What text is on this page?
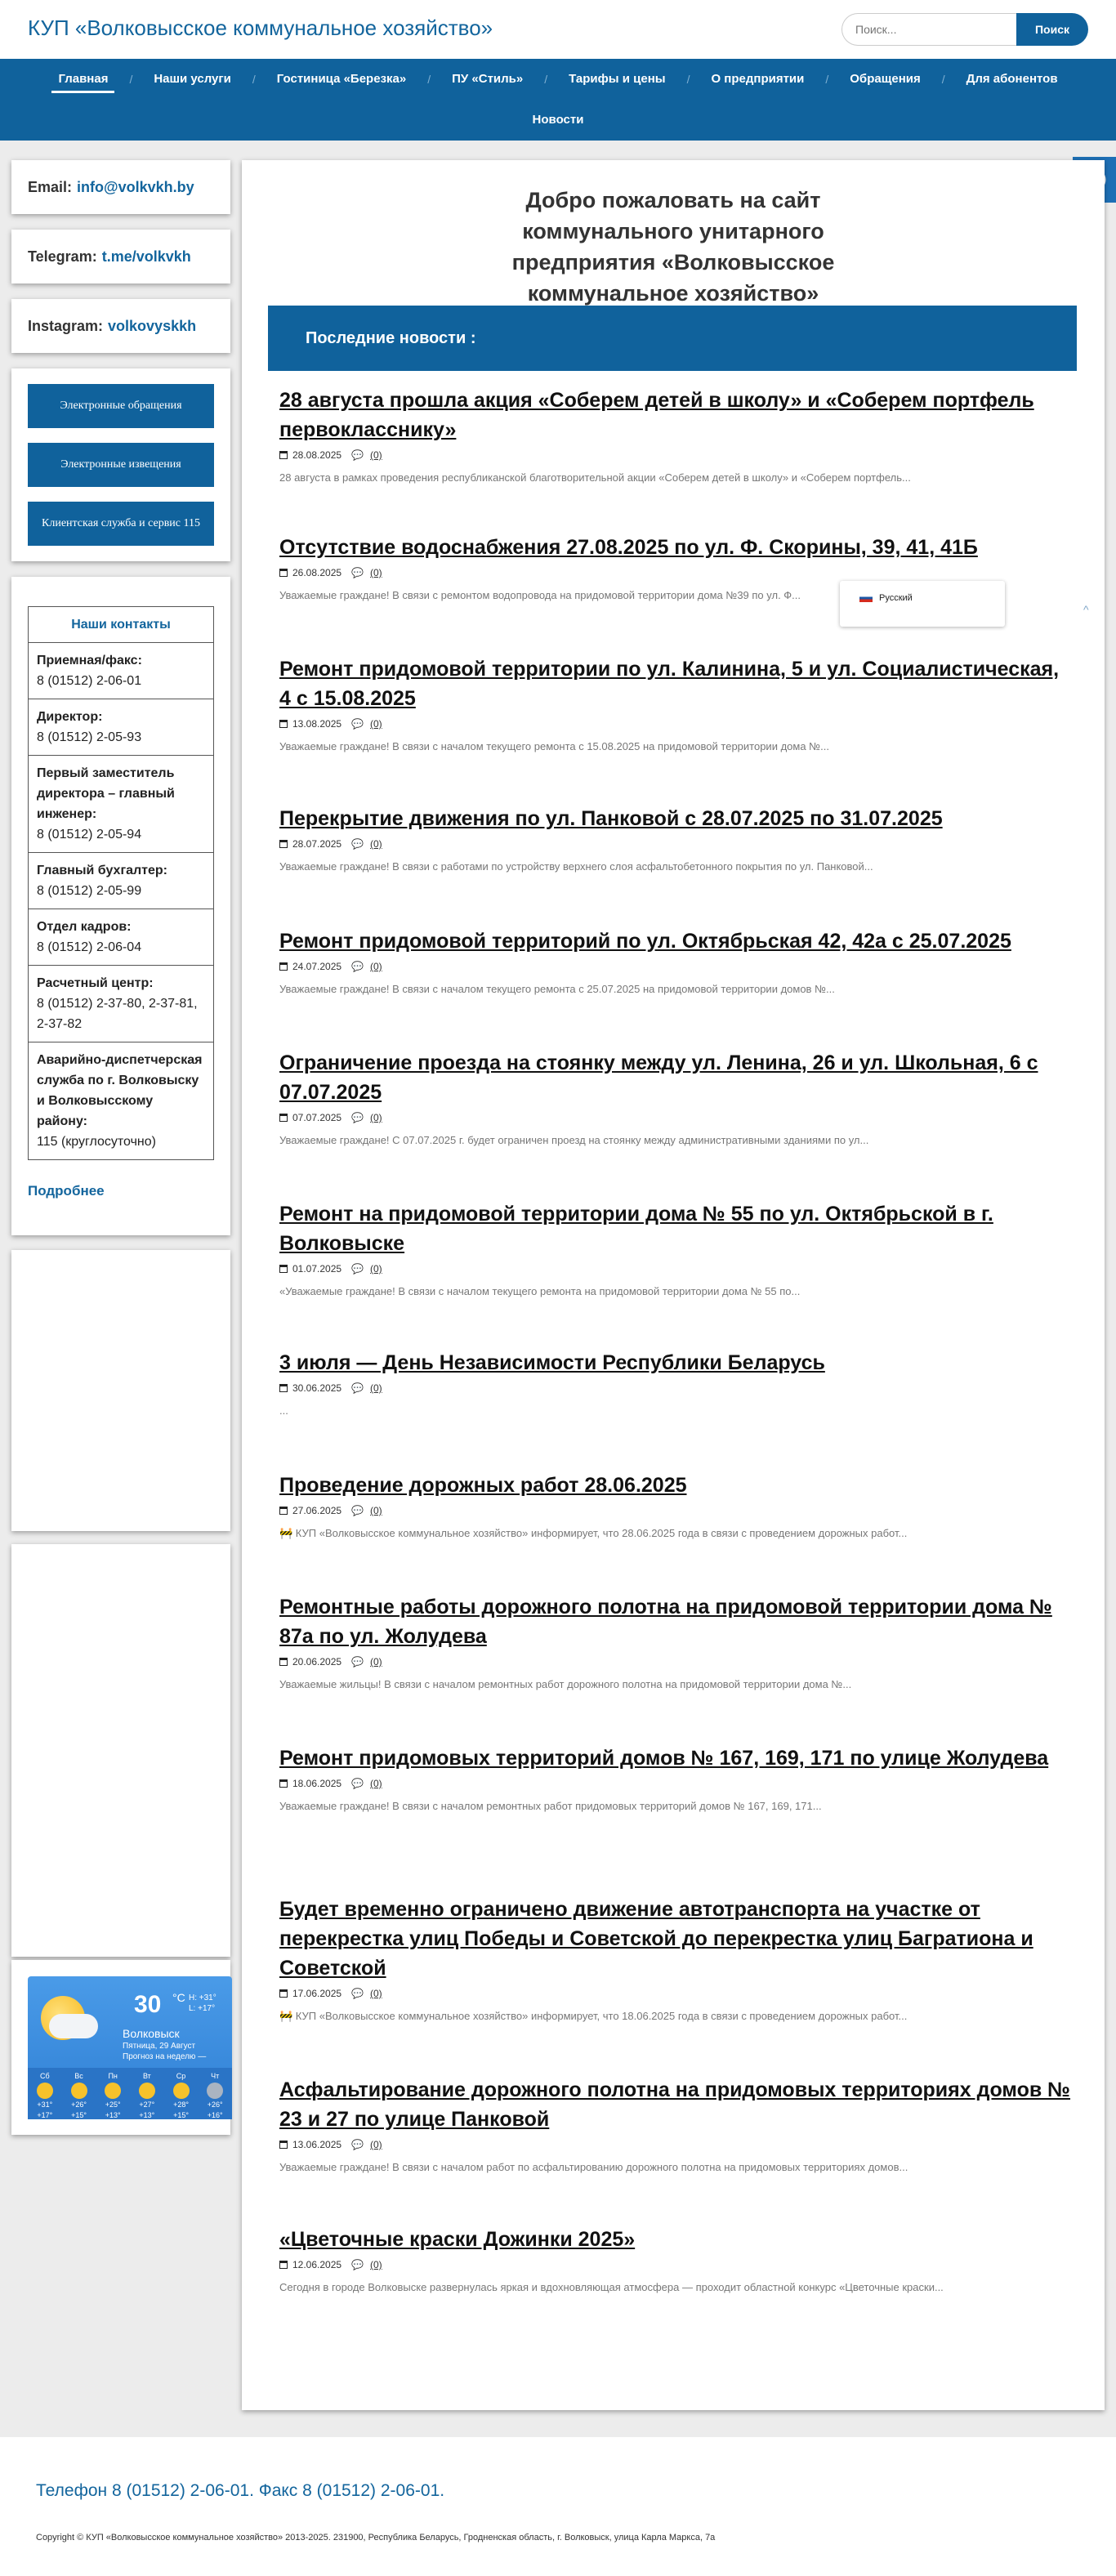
КУП «Волковысское коммунальное хозяйство»
Поиск...	Поиск
Главная	/	Наши услуги	/	Гостиница «Березка»	/	ПУ «Стиль»	/	Тарифы и цены	/	О предприятии	/	Обращения	/	Для абонентов
Новости
Email: info@volkvkh.by
Telegram: t.me/volkvkh
Instagram: volkovyskkh
Электронные обращения
Электронные извещения
Клиентская служба и сервис 115
Наши контакты
Приемная/факс:
8 (01512) 2-06-01
Директор:
8 (01512) 2-05-93
Первый заместитель директора – главный инженер:
8 (01512) 2-05-94
Главный бухгалтер:
8 (01512) 2-05-99
Отдел кадров:
8 (01512) 2-06-04
Расчетный центр:
8 (01512) 2-37-80, 2-37-81, 2-37-82
Аварийно-диспетчерская служба по г. Волковыску и Волковысскому району:
115 (круглосуточно)
Подробнее
30 °C H: +31°
L: +17°
Волковыск
Пятница, 29 Август
Прогноз на неделю —
Сб
+31°
+17°
Вс
+26°
+15°
Пн
+25°
+13°
Вт
+27°
+13°
Ср
+28°
+15°
Чт
+26°
+16°
Добро пожаловать на сайт коммунального унитарного предприятия «Волковысское коммунальное хозяйство»
Последние новости :
28 августа прошла акция «Соберем детей в школу» и «Соберем портфель первокласснику»
28.08.2025 💬 (0)

28 августа в рамках проведения республиканской благотворительной акции «Соберем детей в школу» и «Соберем портфель...

Отсутствие водоснабжения 27.08.2025 по ул. Ф. Скорины, 39, 41, 41Б
26.08.2025 💬 (0)

Уважаемые граждане! В связи с ремонтом водопровода на придомовой территории дома №39 по ул. Ф...

Ремонт придомовой территории по ул. Калинина, 5 и ул. Социалистическая, 4 с 15.08.2025
13.08.2025 💬 (0)

Уважаемые граждане! В связи с началом текущего ремонта с 15.08.2025 на придомовой территории дома №...

Перекрытие движения по ул. Панковой с 28.07.2025 по 31.07.2025
28.07.2025 💬 (0)

Уважаемые граждане! В связи с работами по устройству верхнего слоя асфальтобетонного покрытия по ул. Панковой...

Ремонт придомовой территорий по ул. Октябрьская 42, 42а с 25.07.2025
24.07.2025 💬 (0)

Уважаемые граждане! В связи с началом текущего ремонта с 25.07.2025 на придомовой территории домов №...

Ограничение проезда на стоянку между ул. Ленина, 26 и ул. Школьная, 6 с 07.07.2025
07.07.2025 💬 (0)

Уважаемые граждане! С 07.07.2025 г. будет ограничен проезд на стоянку между административными зданиями по ул...

Ремонт на придомовой территории дома № 55 по ул. Октябрьской в г. Волковыске
01.07.2025 💬 (0)

«Уважаемые граждане! В связи с началом текущего ремонта на придомовой территории дома № 55 по...

3 июля — День Независимости Республики Беларусь
30.06.2025 💬 (0)

...

Проведение дорожных работ 28.06.2025
27.06.2025 💬 (0)

🚧 КУП «Волковысское коммунальное хозяйство» информирует, что 28.06.2025 года в связи с проведением дорожных работ...

Ремонтные работы дорожного полотна на придомовой территории дома № 87а по ул. Жолудева
20.06.2025 💬 (0)

Уважаемые жильцы! В связи с началом ремонтных работ дорожного полотна на придомовой территории дома №...

Ремонт придомовых территорий домов № 167, 169, 171 по улице Жолудева
18.06.2025 💬 (0)

Уважаемые граждане! В связи с началом ремонтных работ придомовых территорий домов № 167, 169, 171...

Будет временно ограничено движение автотранспорта на участке от перекрестка улиц Победы и Советской до перекрестка улиц Багратиона и Советской
17.06.2025 💬 (0)

🚧 КУП «Волковысское коммунальное хозяйство» информирует, что 18.06.2025 года в связи с проведением дорожных работ...

Асфальтирование дорожного полотна на придомовых территориях домов № 23 и 27 по улице Панковой
13.06.2025 💬 (0)

Уважаемые граждане! В связи с началом работ по асфальтированию дорожного полотна на придомовых территориях домов...

«Цветочные краски Дожинки 2025»
12.06.2025 💬 (0)

Сегодня в городе Волковыске развернулась яркая и вдохновляющая атмосфера — проходит областной конкурс «Цветочные краски...

Русский
^
Телефон 8 (01512) 2-06-01. Факс 8 (01512) 2-06-01.
Copyright © КУП «Волковысское коммунальное хозяйство» 2013-2025. 231900, Республика Беларусь, Гродненская область, г. Волковыск, улица Карла Маркса, 7а
